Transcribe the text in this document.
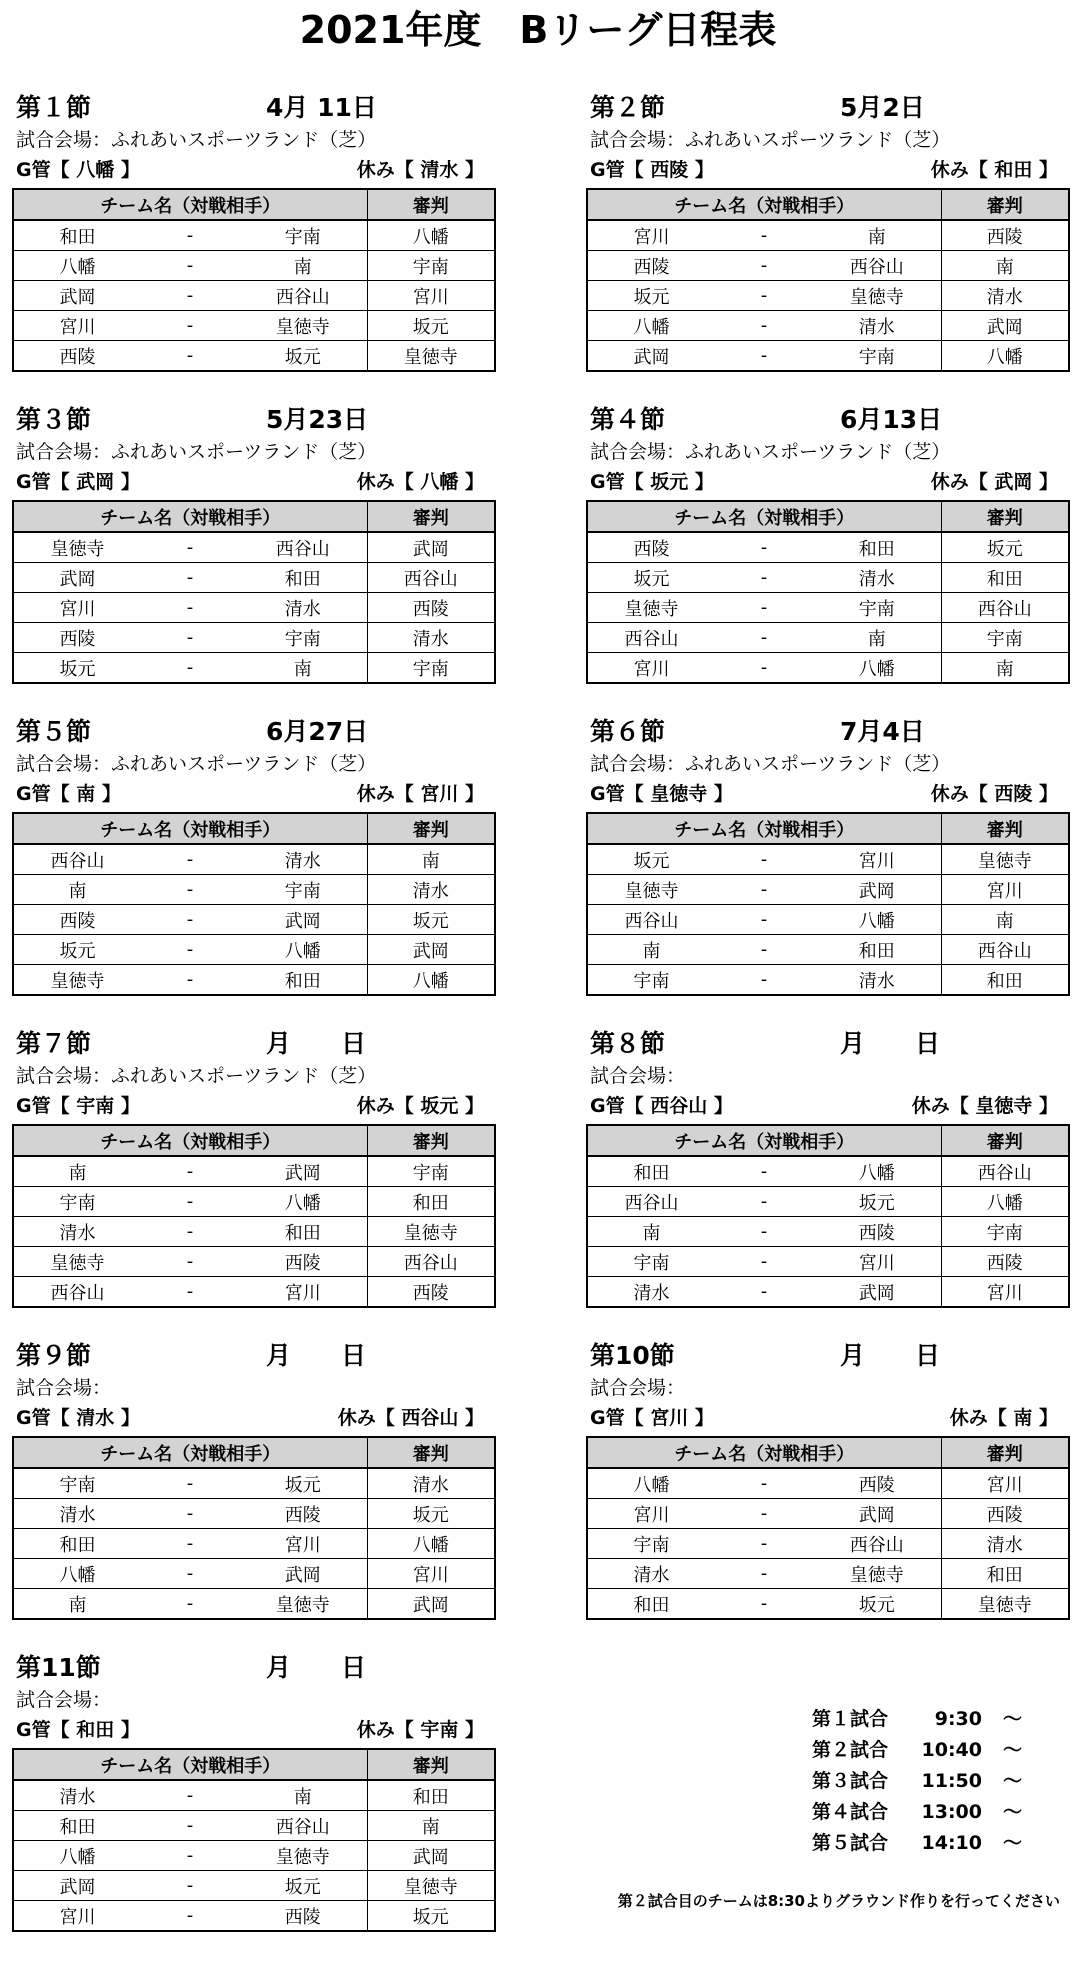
2021年度　Bリーグ日程表
第１節	4月 11日
試合会場：ふれあいスポーツランド（芝）
G管【 八幡 】	休み【 清水 】
チーム名（対戦相手）			審判
和田	-	宇南	八幡
八幡	-	南	宇南
武岡	-	西谷山	宮川
宮川	-	皇徳寺	坂元
西陵	-	坂元	皇徳寺
第２節	5月2日
試合会場：ふれあいスポーツランド（芝）
G管【 西陵 】	休み【 和田 】
チーム名（対戦相手）			審判
宮川	-	南	西陵
西陵	-	西谷山	南
坂元	-	皇徳寺	清水
八幡	-	清水	武岡
武岡	-	宇南	八幡
第３節	5月23日
試合会場：ふれあいスポーツランド（芝）
G管【 武岡 】	休み【 八幡 】
チーム名（対戦相手）			審判
皇徳寺	-	西谷山	武岡
武岡	-	和田	西谷山
宮川	-	清水	西陵
西陵	-	宇南	清水
坂元	-	南	宇南
第４節	6月13日
試合会場：ふれあいスポーツランド（芝）
G管【 坂元 】	休み【 武岡 】
チーム名（対戦相手）			審判
西陵	-	和田	坂元
坂元	-	清水	和田
皇徳寺	-	宇南	西谷山
西谷山	-	南	宇南
宮川	-	八幡	南
第５節	6月27日
試合会場：ふれあいスポーツランド（芝）
G管【 南 】	休み【 宮川 】
チーム名（対戦相手）			審判
西谷山	-	清水	南
南	-	宇南	清水
西陵	-	武岡	坂元
坂元	-	八幡	武岡
皇徳寺	-	和田	八幡
第６節	7月4日
試合会場：ふれあいスポーツランド（芝）
G管【 皇徳寺 】	休み【 西陵 】
チーム名（対戦相手）			審判
坂元	-	宮川	皇徳寺
皇徳寺	-	武岡	宮川
西谷山	-	八幡	南
南	-	和田	西谷山
宇南	-	清水	和田
第７節	月　　日
試合会場：ふれあいスポーツランド（芝）
G管【 宇南 】	休み【 坂元 】
チーム名（対戦相手）			審判
南	-	武岡	宇南
宇南	-	八幡	和田
清水	-	和田	皇徳寺
皇徳寺	-	西陵	西谷山
西谷山	-	宮川	西陵
第８節	月　　日
試合会場：
G管【 西谷山 】	休み【 皇徳寺 】
チーム名（対戦相手）			審判
和田	-	八幡	西谷山
西谷山	-	坂元	八幡
南	-	西陵	宇南
宇南	-	宮川	西陵
清水	-	武岡	宮川
第９節	月　　日
試合会場：
G管【 清水 】	休み【 西谷山 】
チーム名（対戦相手）			審判
宇南	-	坂元	清水
清水	-	西陵	坂元
和田	-	宮川	八幡
八幡	-	武岡	宮川
南	-	皇徳寺	武岡
第10節	月　　日
試合会場：
G管【 宮川 】	休み【 南 】
チーム名（対戦相手）			審判
八幡	-	西陵	宮川
宮川	-	武岡	西陵
宇南	-	西谷山	清水
清水	-	皇徳寺	和田
和田	-	坂元	皇徳寺
第11節	月　　日
試合会場：
G管【 和田 】	休み【 宇南 】
チーム名（対戦相手）			審判
清水	-	南	和田
和田	-	西谷山	南
八幡	-	皇徳寺	武岡
武岡	-	坂元	皇徳寺
宮川	-	西陵	坂元
第１試合 9:30 ～
第２試合 10:40 ～
第３試合 11:50 ～
第４試合 13:00 ～
第５試合 14:10 ～
第２試合目のチームは8:30よりグラウンド作りを行ってください
